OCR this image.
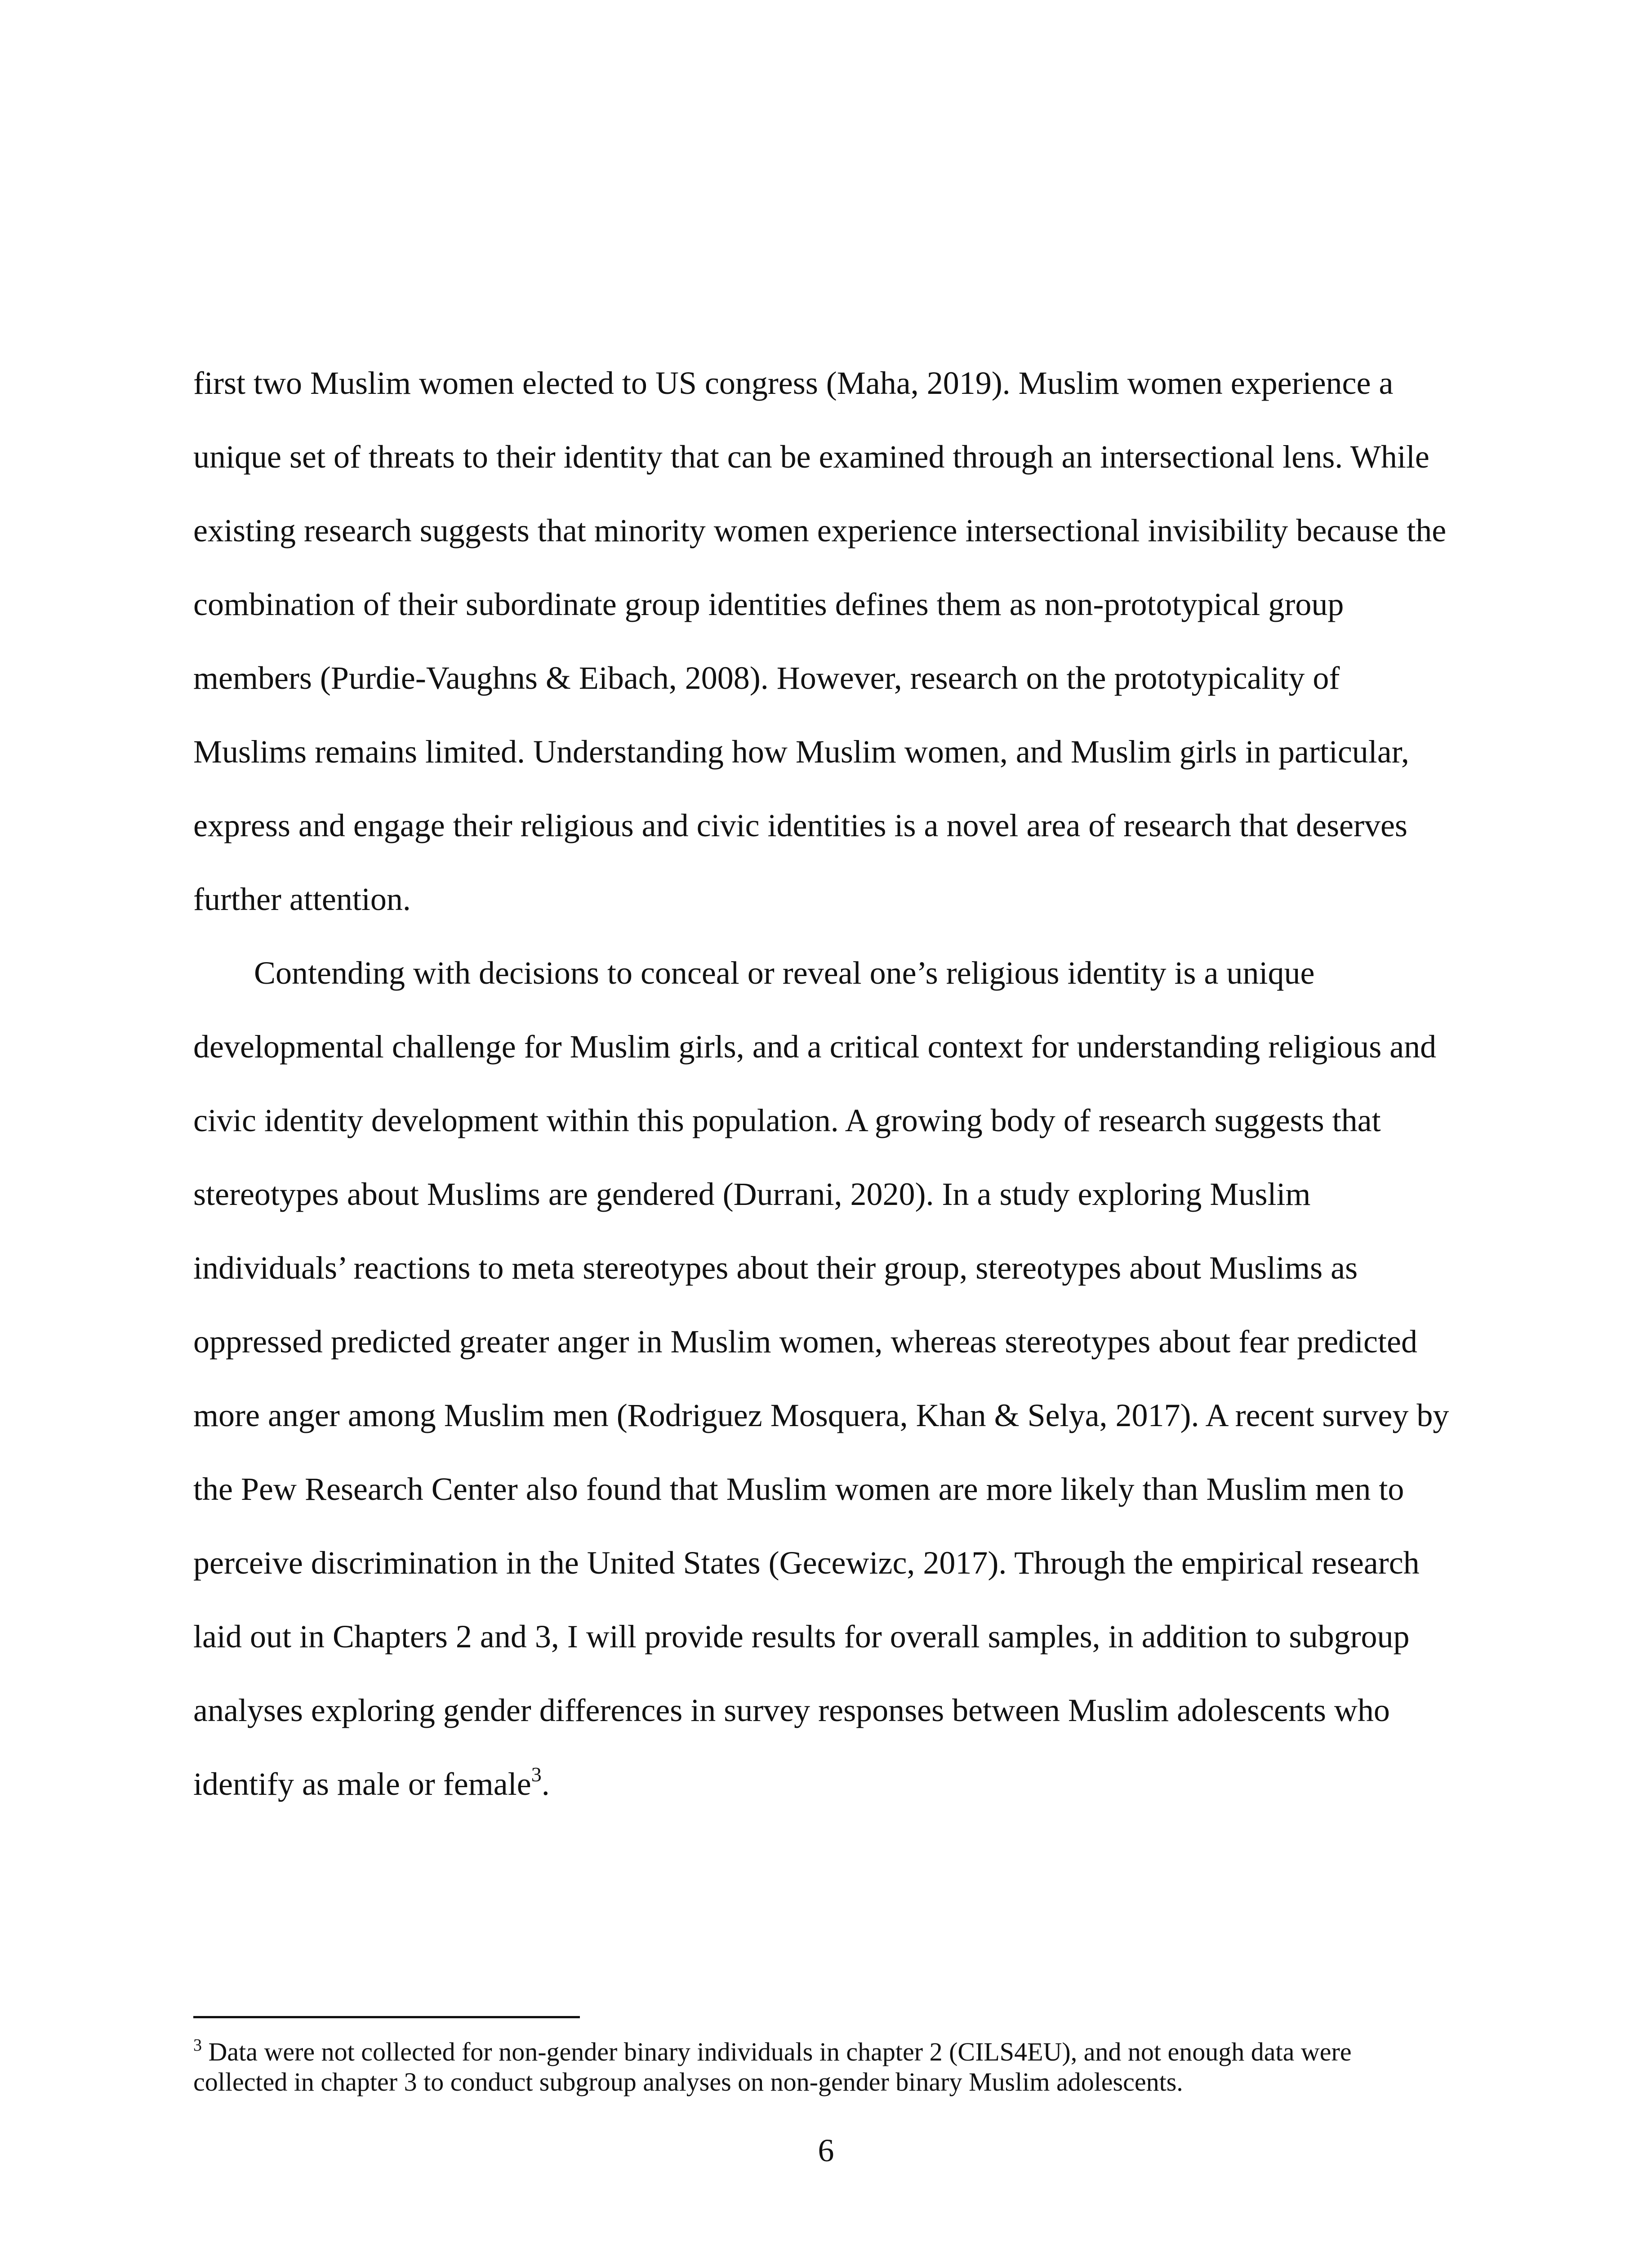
first two Muslim women elected to US congress (Maha, 2019). Muslim women experience a
unique set of threats to their identity that can be examined through an intersectional lens. While
existing research suggests that minority women experience intersectional invisibility because the
combination of their subordinate group identities defines them as non-prototypical group
members (Purdie-Vaughns & Eibach, 2008). However, research on the prototypicality of
Muslims remains limited. Understanding how Muslim women, and Muslim girls in particular,
express and engage their religious and civic identities is a novel area of research that deserves
further attention.
Contending with decisions to conceal or reveal one’s religious identity is a unique
developmental challenge for Muslim girls, and a critical context for understanding religious and
civic identity development within this population. A growing body of research suggests that
stereotypes about Muslims are gendered (Durrani, 2020). In a study exploring Muslim
individuals’ reactions to meta stereotypes about their group, stereotypes about Muslims as
oppressed predicted greater anger in Muslim women, whereas stereotypes about fear predicted
more anger among Muslim men (Rodriguez Mosquera, Khan & Selya, 2017). A recent survey by
the Pew Research Center also found that Muslim women are more likely than Muslim men to
perceive discrimination in the United States (Gecewizc, 2017). Through the empirical research
laid out in Chapters 2 and 3, I will provide results for overall samples, in addition to subgroup
analyses exploring gender differences in survey responses between Muslim adolescents who
identify as male or female$^3$.
$^3$ Data were not collected for non-gender binary individuals in chapter 2 (CILS4EU), and not enough data were
collected in chapter 3 to conduct subgroup analyses on non-gender binary Muslim adolescents.
6
